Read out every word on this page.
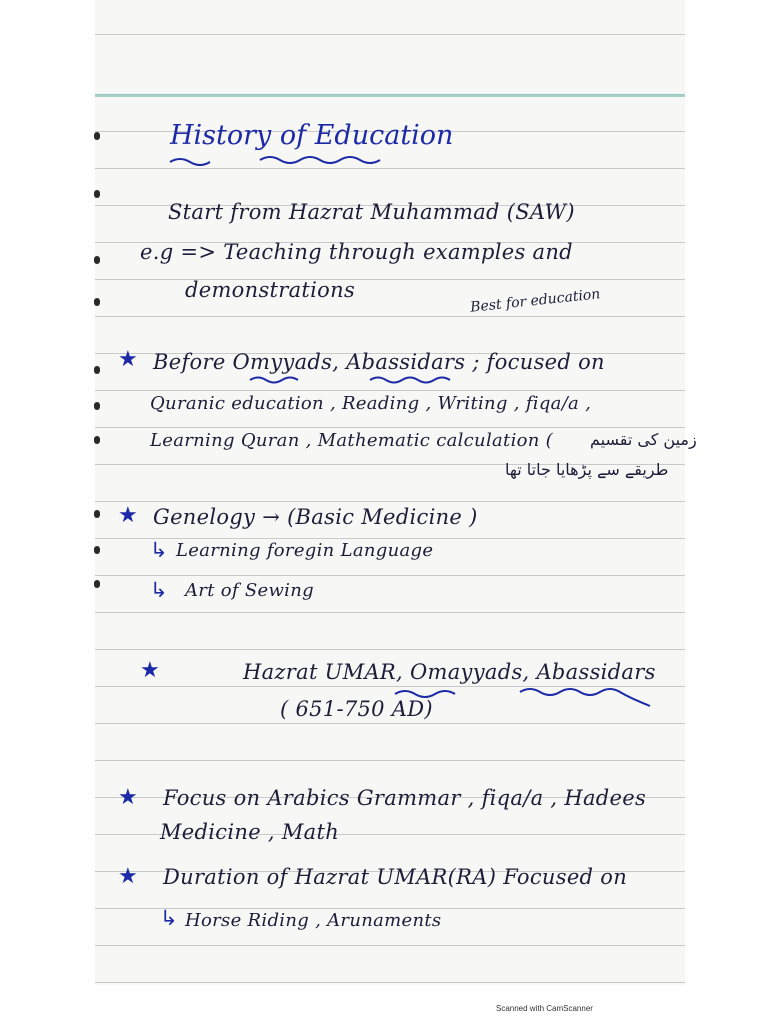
History of Education
Start from Hazrat Muhammad (SAW)
e.g => Teaching through examples and
demonstrations	Best for education
★ Before Omyyads, Abassidars ; focused on
Quranic education , Reading , Writing , fiqa/a ,
Learning Quran , Mathematic calculation ( زمین کی تقسیم
طریقے سے پڑھایا جاتا تھا
★ Genelogy → (Basic Medicine )
↳ Learning foregin Language
↳ Art of Sewing
★	Hazrat UMAR, Omayyads, Abassidars
( 651-750 AD)
★ Focus on Arabics Grammar , fiqa/a , Hadees
Medicine , Math
★ Duration of Hazrat UMAR(RA) Focused on
↳ Horse Riding , Arunaments
Scanned with CamScanner
